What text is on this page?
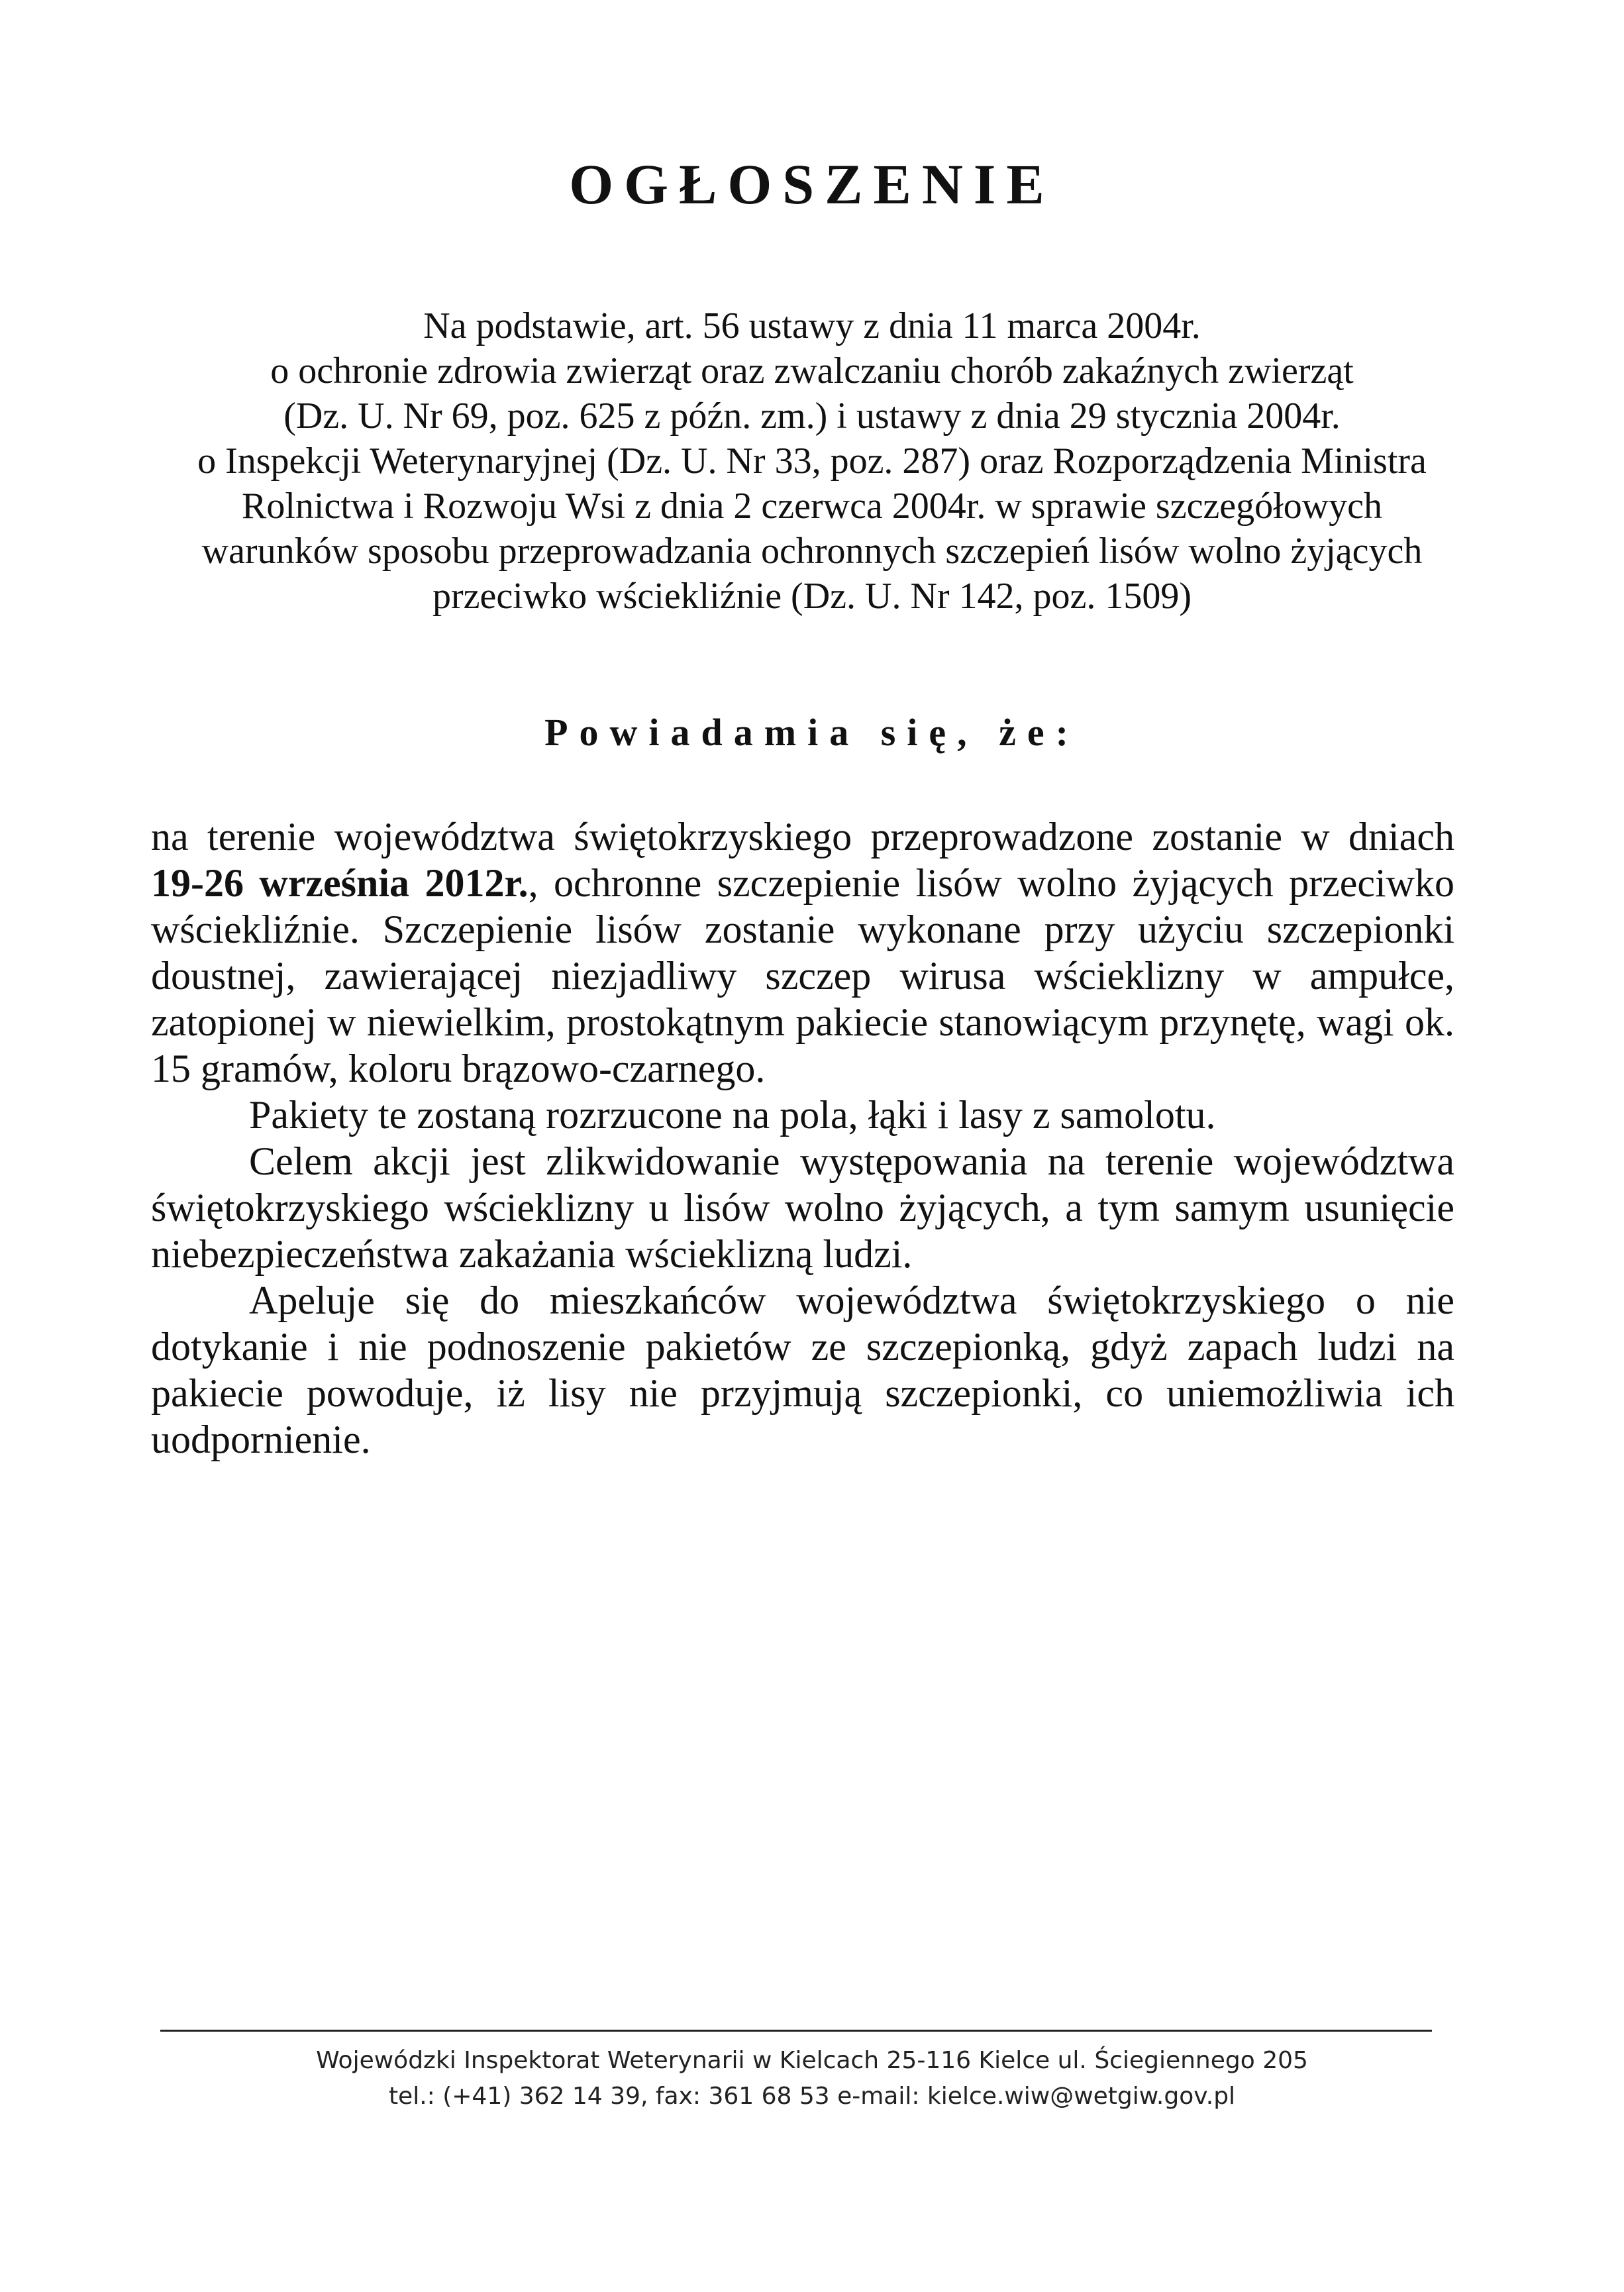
OGŁOSZENIE

Na podstawie, art. 56 ustawy z dnia 11 marca 2004r.
o ochronie zdrowia zwierząt oraz zwalczaniu chorób zakaźnych zwierząt
(Dz. U. Nr 69, poz. 625 z późn. zm.) i ustawy z dnia 29 stycznia 2004r.
o Inspekcji Weterynaryjnej (Dz. U. Nr 33, poz. 287) oraz Rozporządzenia Ministra
Rolnictwa i Rozwoju Wsi z dnia 2 czerwca 2004r. w sprawie szczegółowych
warunków sposobu przeprowadzania ochronnych szczepień lisów wolno żyjących
przeciwko wściekliźnie (Dz. U. Nr 142, poz. 1509)

Powiadamia się, że:

na terenie województwa świętokrzyskiego przeprowadzone zostanie w dniach 19-26 września 2012r., ochronne szczepienie lisów wolno żyjących przeciwko wściekliźnie. Szczepienie lisów zostanie wykonane przy użyciu szczepionki doustnej, zawierającej niezjadliwy szczep wirusa wścieklizny w ampułce, zatopionej w niewielkim, prostokątnym pakiecie stanowiącym przynętę, wagi ok. 15 gramów, koloru brązowo-czarnego.

Pakiety te zostaną rozrzucone na pola, łąki i lasy z samolotu.

Celem akcji jest zlikwidowanie występowania na terenie województwa świętokrzyskiego wścieklizny u lisów wolno żyjących, a tym samym usunięcie niebezpieczeństwa zakażania wścieklizną ludzi.

Apeluje się do mieszkańców województwa świętokrzyskiego o nie dotykanie i nie podnoszenie pakietów ze szczepionką, gdyż zapach ludzi na pakiecie powoduje, iż lisy nie przyjmują szczepionki, co uniemożliwia ich uodpornienie.

Wojewódzki Inspektorat Weterynarii w Kielcach 25-116 Kielce ul. Ściegiennego 205
tel.: (+41) 362 14 39, fax: 361 68 53 e-mail: kielce.wiw@wetgiw.gov.pl
